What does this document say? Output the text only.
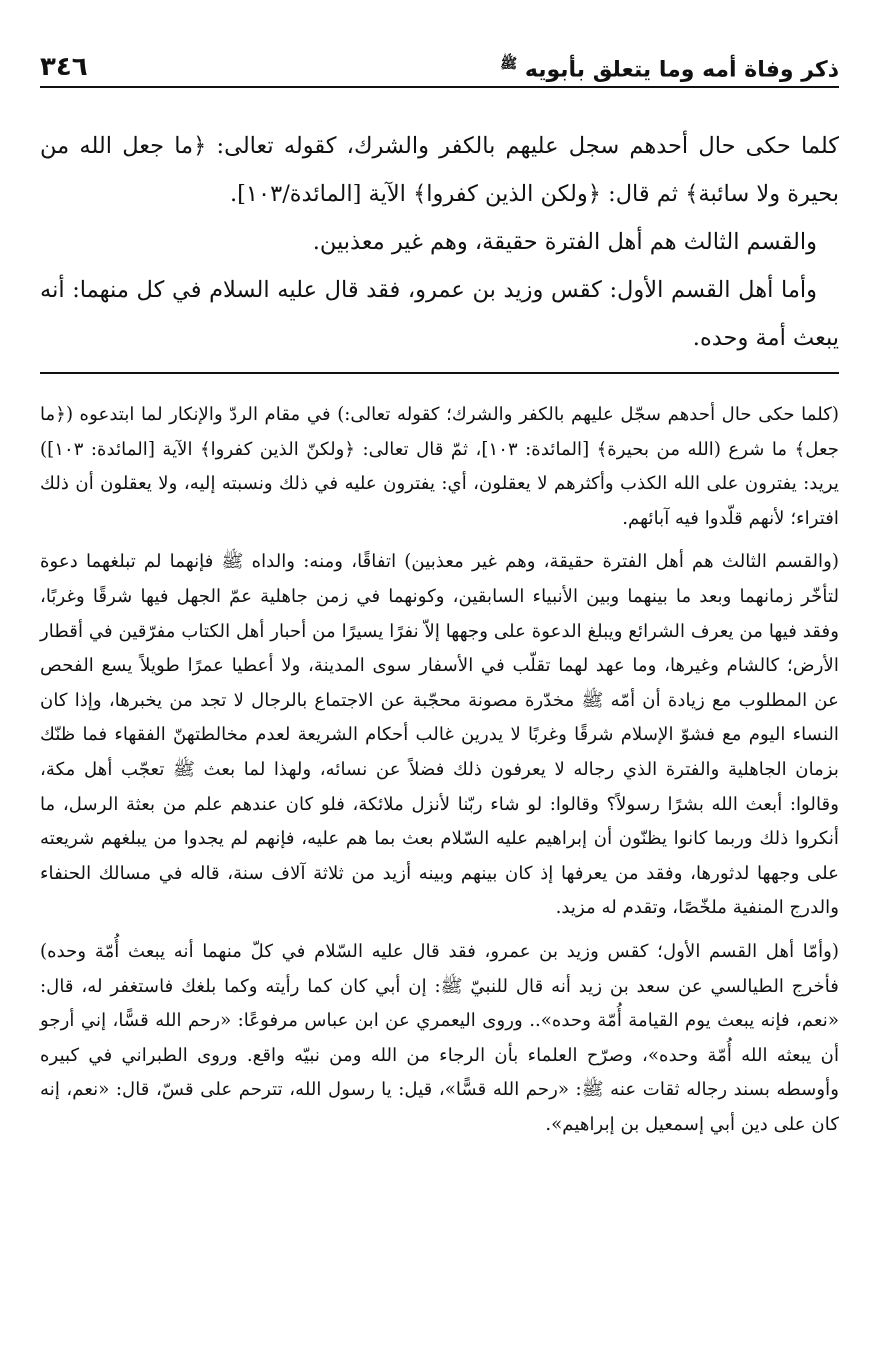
ذكر وفاة أمه وما يتعلق بأبويه $^ﷺ$
٣٤٦

كلما حكى حال أحدهم سجل عليهم بالكفر والشرك، كقوله تعالى: ﴿ما جعل الله من بحيرة ولا سائبة﴾ ثم قال: ﴿ولكن الذين كفروا﴾ الآية [المائدة/١٠٣].

والقسم الثالث هم أهل الفترة حقيقة، وهم غير معذبين.

وأما أهل القسم الأول: كقس وزيد بن عمرو، فقد قال عليه السلام في كل منهما: أنه يبعث أمة وحده.

(كلما حكى حال أحدهم سجّل عليهم بالكفر والشرك؛ كقوله تعالى:) في مقام الردّ والإنكار لما ابتدعوه (﴿ما جعل﴾ ما شرع (الله من بحيرة﴾ [المائدة: ١٠٣]، ثمّ قال تعالى: ﴿ولكنّ الذين كفروا﴾ الآية [المائدة: ١٠٣]) يريد: يفترون على الله الكذب وأكثرهم لا يعقلون، أي: يفترون عليه في ذلك ونسبته إليه، ولا يعقلون أن ذلك افتراء؛ لأنهم قلّدوا فيه آبائهم.

(والقسم الثالث هم أهل الفترة حقيقة، وهم غير معذبين) اتفاقًا، ومنه: والداه ﷺ فإنهما لم تبلغهما دعوة لتأخّر زمانهما وبعد ما بينهما وبين الأنبياء السابقين، وكونهما في زمن جاهلية عمّ الجهل فيها شرقًا وغربًا، وفقد فيها من يعرف الشرائع ويبلغ الدعوة على وجهها إلاّ نفرًا يسيرًا من أحبار أهل الكتاب مفرّقين في أقطار الأرض؛ كالشام وغيرها، وما عهد لهما تقلّب في الأسفار سوى المدينة، ولا أعطيا عمرًا طويلاً يسع الفحص عن المطلوب مع زيادة أن أمّه ﷺ مخدّرة مصونة محجّبة عن الاجتماع بالرجال لا تجد من يخبرها، وإذا كان النساء اليوم مع فشوّ الإسلام شرقًا وغربًا لا يدرين غالب أحكام الشريعة لعدم مخالطتهنّ الفقهاء فما ظنّك بزمان الجاهلية والفترة الذي رجاله لا يعرفون ذلك فضلاً عن نسائه، ولهذا لما بعث ﷺ تعجّب أهل مكة، وقالوا: أبعث الله بشرًا رسولاً؟ وقالوا: لو شاء ربّنا لأنزل ملائكة، فلو كان عندهم علم من بعثة الرسل، ما أنكروا ذلك وربما كانوا يظنّون أن إبراهيم عليه السّلام بعث بما هم عليه، فإنهم لم يجدوا من يبلغهم شريعته على وجهها لدثورها، وفقد من يعرفها إذ كان بينهم وبينه أزيد من ثلاثة آلاف سنة، قاله في مسالك الحنفاء والدرج المنفية ملخّصًا، وتقدم له مزيد.

(وأمّا أهل القسم الأول؛ كقس وزيد بن عمرو، فقد قال عليه السّلام في كلّ منهما أنه يبعث أُمّة وحده) فأخرج الطيالسي عن سعد بن زيد أنه قال للنبيّ ﷺ: إن أبي كان كما رأيته وكما بلغك فاستغفر له، قال: «نعم، فإنه يبعث يوم القيامة أُمّة وحده».. وروى اليعمري عن ابن عباس مرفوعًا: «رحم الله قسًّا، إني أرجو أن يبعثه الله أُمّة وحده»، وصرّح العلماء بأن الرجاء من الله ومن نبيّه واقع. وروى الطبراني في كبيره وأوسطه بسند رجاله ثقات عنه ﷺ: «رحم الله قسًّا»، قيل: يا رسول الله، تترحم على قسّ، قال: «نعم، إنه كان على دين أبي إسمعيل بن إبراهيم».
